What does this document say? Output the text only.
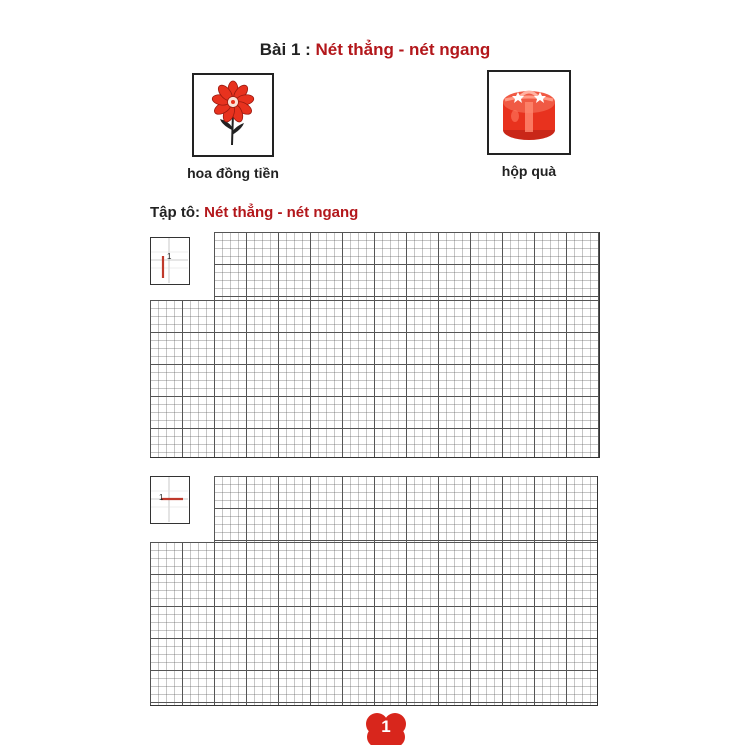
Bài 1 : Nét thẳng - nét ngang
hoa đồng tiền	hộp quà
Tập tô: Nét thẳng - nét ngang
1
1
1
